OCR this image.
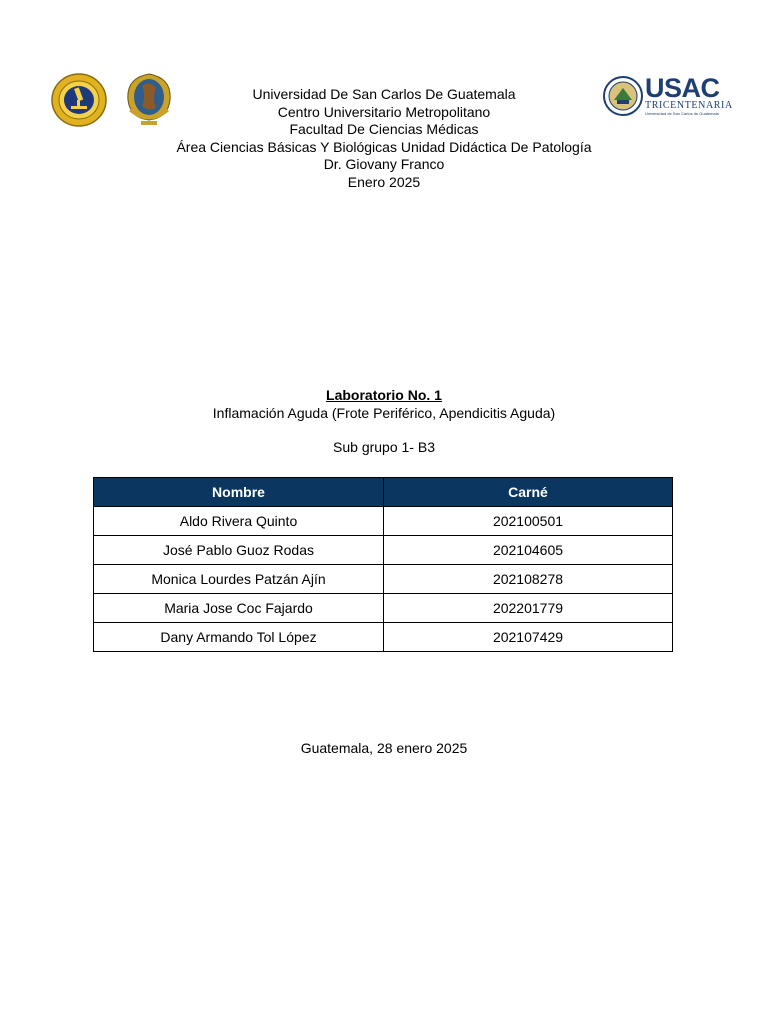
USAC
TRICENTENARIA
Universidad de San Carlos de Guatemala
Universidad De San Carlos De Guatemala
Centro Universitario Metropolitano
Facultad De Ciencias Médicas
Área Ciencias Básicas Y Biológicas Unidad Didáctica De Patología
Dr. Giovany Franco
Enero 2025
Laboratorio No. 1
Inflamación Aguda (Frote Periférico, Apendicitis Aguda)
Sub grupo 1- B3
Nombre	Carné
Aldo Rivera Quinto	202100501
José Pablo Guoz Rodas	202104605
Monica Lourdes Patzán Ajín	202108278
Maria Jose Coc Fajardo	202201779
Dany Armando Tol López	202107429
Guatemala, 28 enero 2025
